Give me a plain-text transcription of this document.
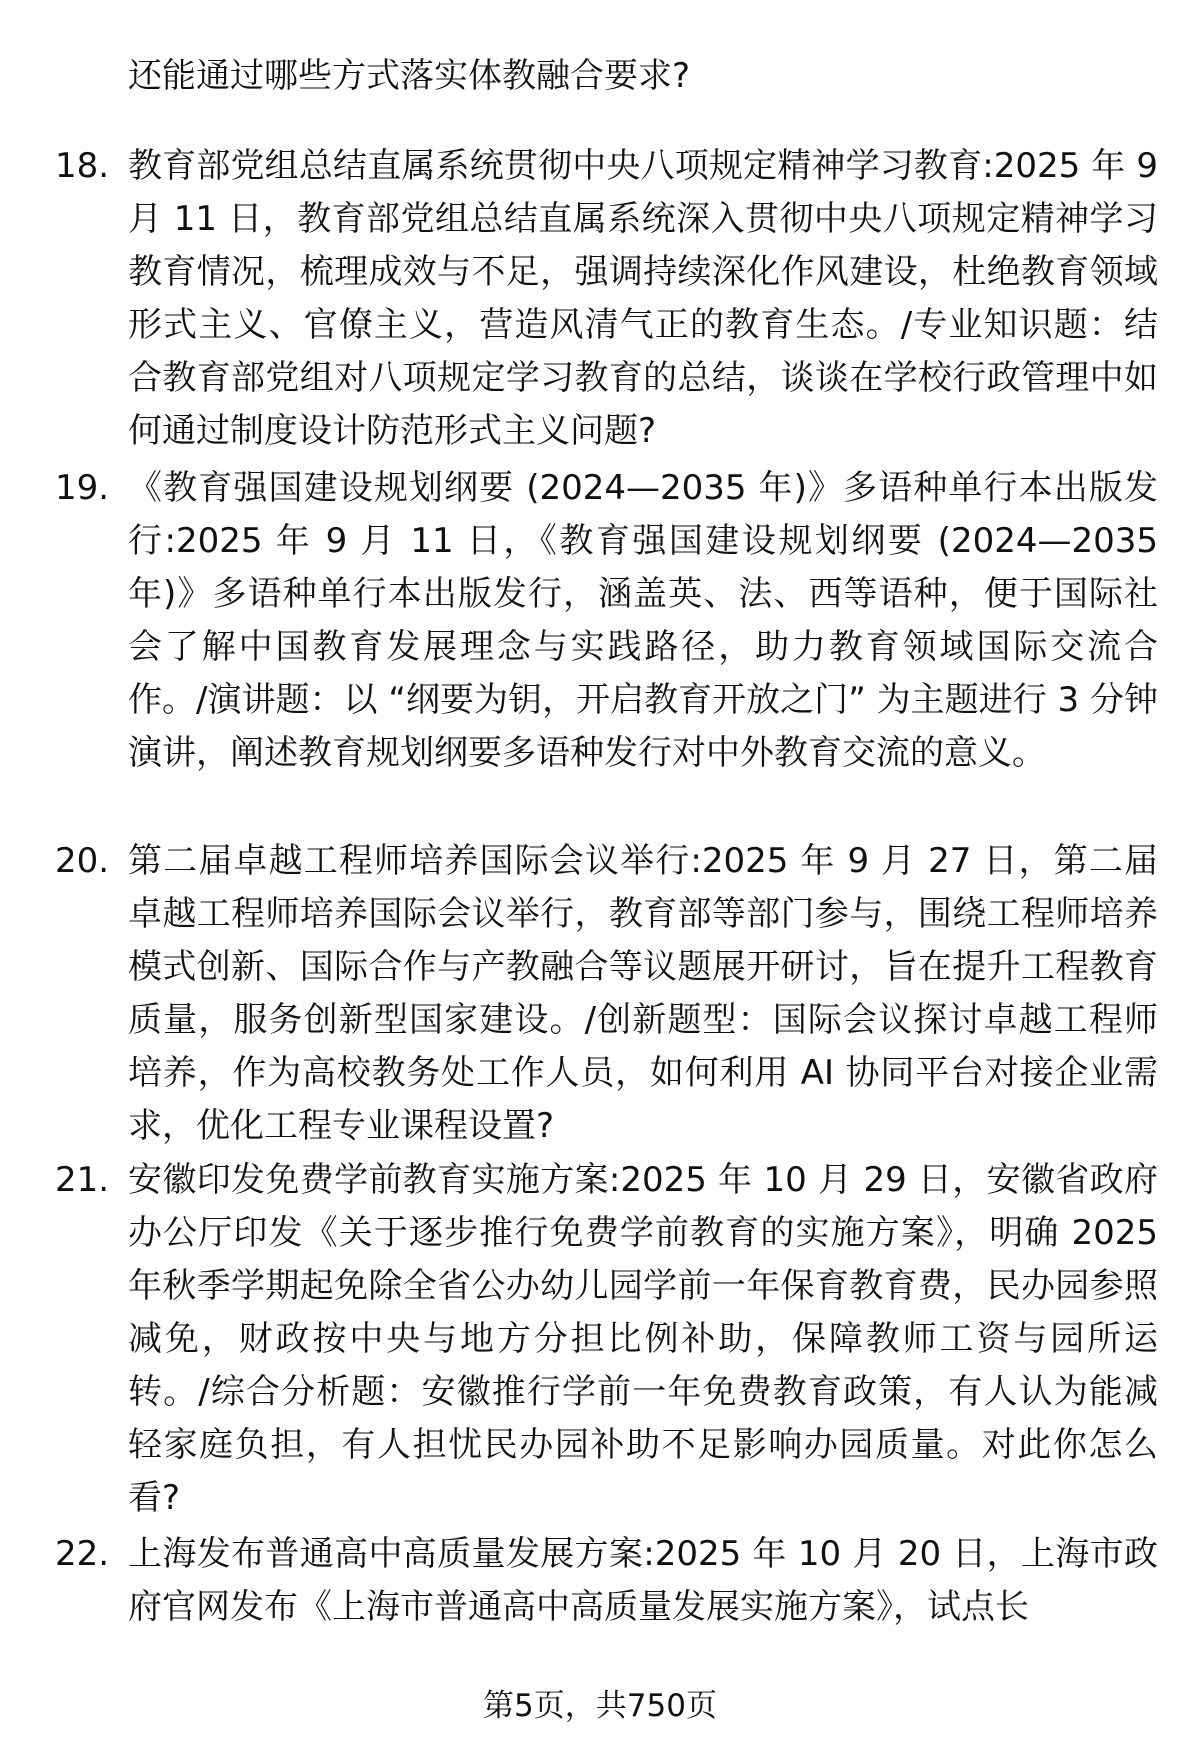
还能通过哪些方式落实体教融合要求?
18. 教育部党组总结直属系统贯彻中央八项规定精神学习教育:2025 年 9 月 11 日，教育部党组总结直属系统深入贯彻中央八项规定精神学习教育情况，梳理成效与不足，强调持续深化作风建设，杜绝教育领域形式主义、官僚主义，营造风清气正的教育生态。/专业知识题：结合教育部党组对八项规定学习教育的总结，谈谈在学校行政管理中如何通过制度设计防范形式主义问题?
19. 《教育强国建设规划纲要 (2024—2035 年)》多语种单行本出版发行:2025 年 9 月 11 日，《教育强国建设规划纲要 (2024—2035 年)》多语种单行本出版发行，涵盖英、法、西等语种，便于国际社会了解中国教育发展理念与实践路径，助力教育领域国际交流合作。/演讲题：以 “纲要为钥，开启教育开放之门” 为主题进行 3 分钟演讲，阐述教育规划纲要多语种发行对中外教育交流的意义。
20. 第二届卓越工程师培养国际会议举行:2025 年 9 月 27 日，第二届卓越工程师培养国际会议举行，教育部等部门参与，围绕工程师培养模式创新、国际合作与产教融合等议题展开研讨，旨在提升工程教育质量，服务创新型国家建设。/创新题型：国际会议探讨卓越工程师培养，作为高校教务处工作人员，如何利用 AI 协同平台对接企业需求，优化工程专业课程设置?
21. 安徽印发免费学前教育实施方案:2025 年 10 月 29 日，安徽省政府办公厅印发《关于逐步推行免费学前教育的实施方案》，明确 2025 年秋季学期起免除全省公办幼儿园学前一年保育教育费，民办园参照减免，财政按中央与地方分担比例补助，保障教师工资与园所运转。/综合分析题：安徽推行学前一年免费教育政策，有人认为能减轻家庭负担，有人担忧民办园补助不足影响办园质量。对此你怎么看?
22. 上海发布普通高中高质量发展方案:2025 年 10 月 20 日，上海市政府官网发布《上海市普通高中高质量发展实施方案》，试点长
第5页，共750页
